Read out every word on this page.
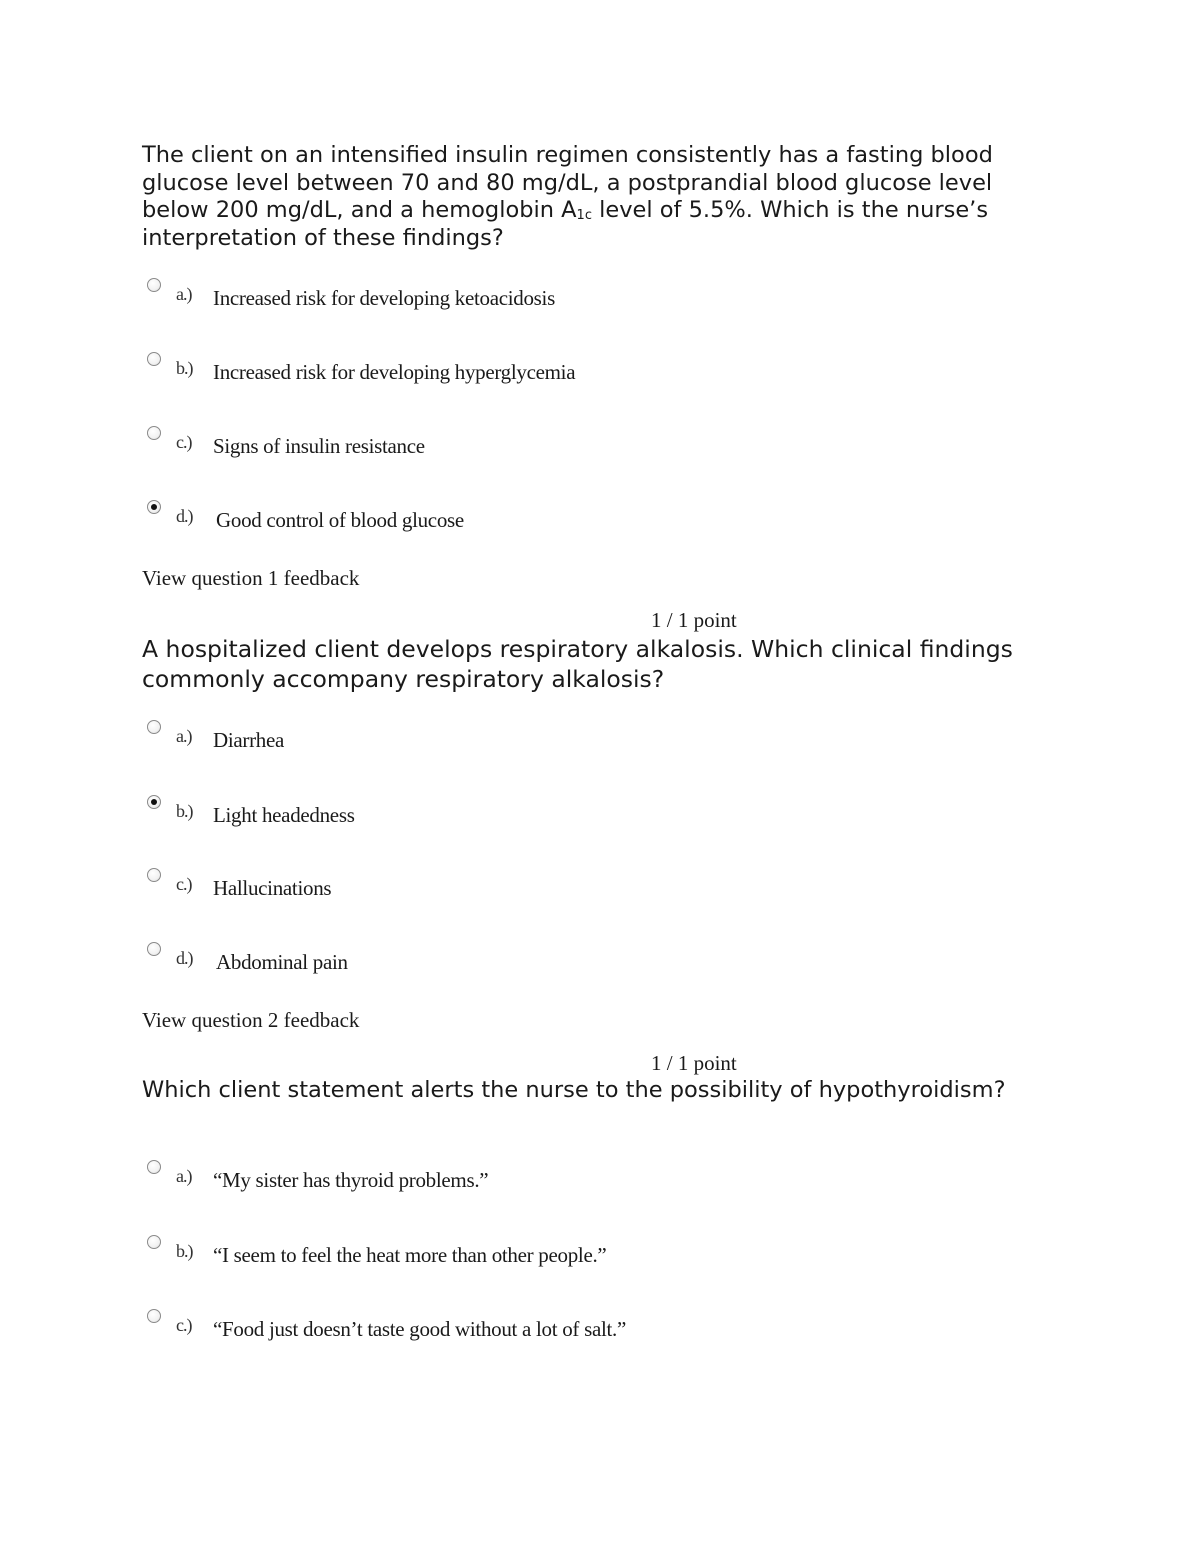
The client on an intensified insulin regimen consistently has a fasting blood glucose level between 70 and 80 mg/dL, a postprandial blood glucose level below 200 mg/dL, and a hemoglobin $A_{1c}$ level of 5.5%. Which is the nurse’s interpretation of these findings?

a.) Increased risk for developing ketoacidosis
b.) Increased risk for developing hyperglycemia
c.) Signs of insulin resistance
d.) Good control of blood glucose
View question 1 feedback
1 / 1 point

A hospitalized client develops respiratory alkalosis. Which clinical findings commonly accompany respiratory alkalosis?

a.) Diarrhea
b.) Light headedness
c.) Hallucinations
d.) Abdominal pain
View question 2 feedback
1 / 1 point

Which client statement alerts the nurse to the possibility of hypothyroidism?

a.) “My sister has thyroid problems.”
b.) “I seem to feel the heat more than other people.”
c.) “Food just doesn’t taste good without a lot of salt.”
